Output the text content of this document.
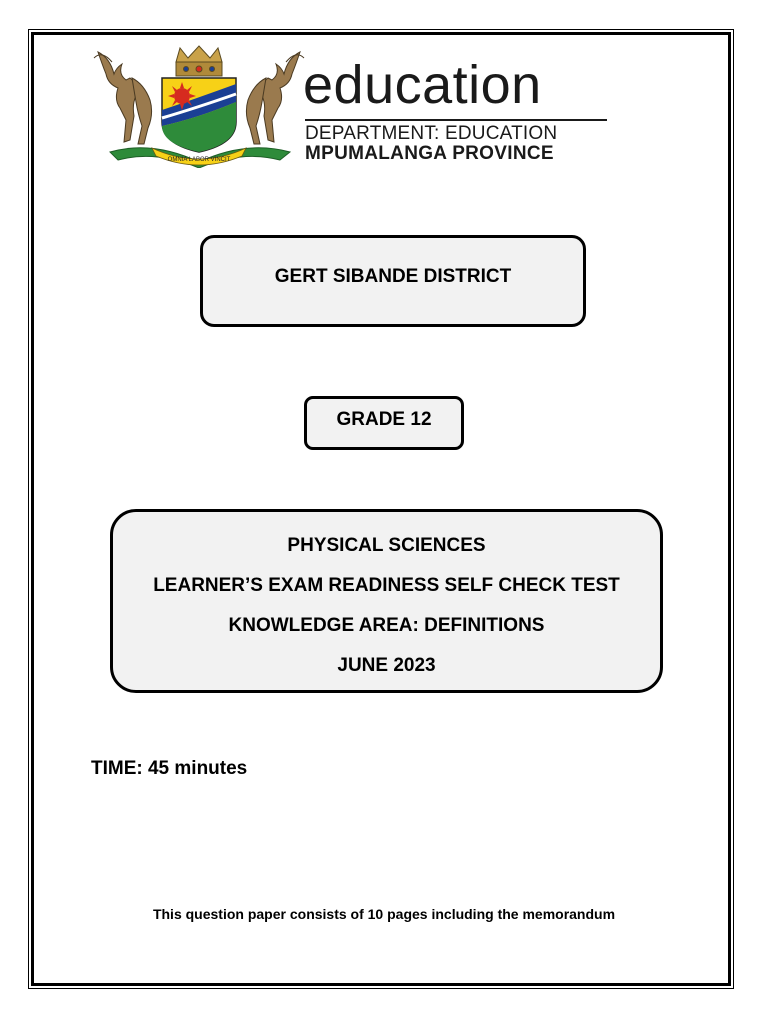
OMNIA LABOR VINCIT
education
DEPARTMENT: EDUCATION
MPUMALANGA PROVINCE
GERT SIBANDE DISTRICT
GRADE 12
PHYSICAL SCIENCES
LEARNER’S EXAM READINESS SELF CHECK TEST
KNOWLEDGE AREA: DEFINITIONS
JUNE 2023
TIME: 45 minutes
This question paper consists of 10 pages including the memorandum
